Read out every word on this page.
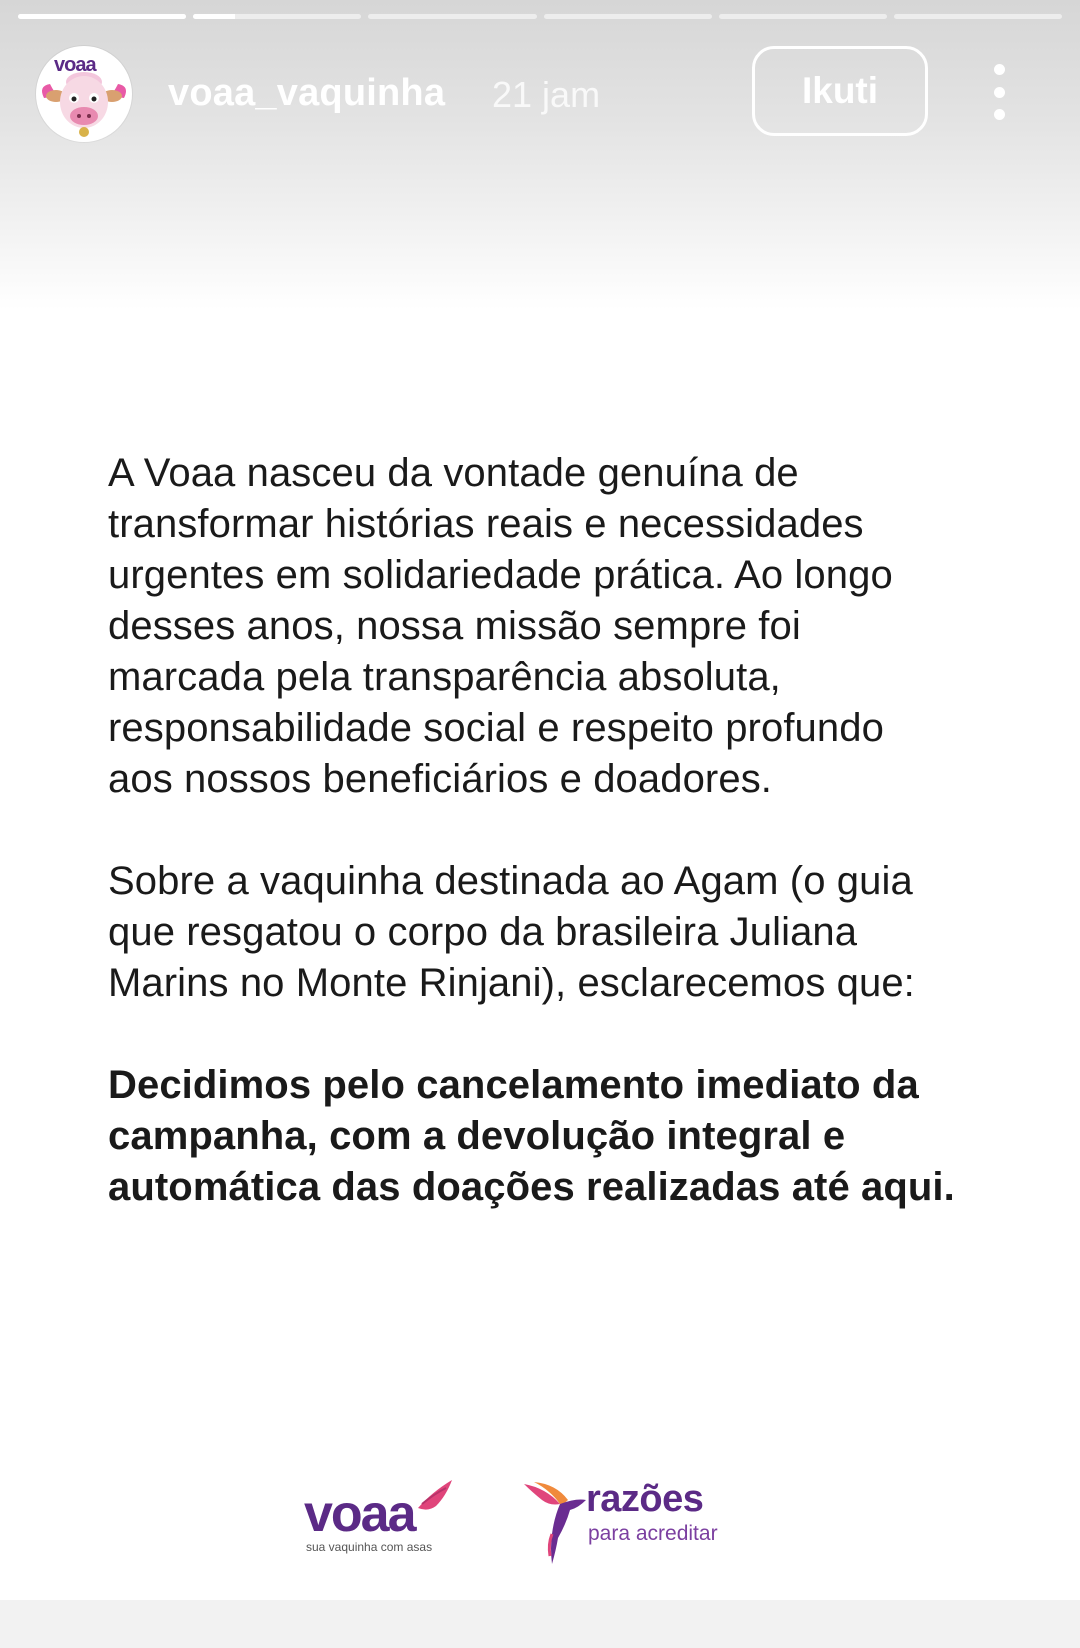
voaa
voaa_vaquinha 21 jam	Ikuti

A Voaa nasceu da vontade genuína de transformar histórias reais e necessidades urgentes em solidariedade prática. Ao longo desses anos, nossa missão sempre foi marcada pela transparência absoluta, responsabilidade social e respeito profundo aos nossos beneficiários e doadores.

Sobre a vaquinha destinada ao Agam (o guia que resgatou o corpo da brasileira Juliana Marins no Monte Rinjani), esclarecemos que:

Decidimos pelo cancelamento imediato da campanha, com a devolução integral e automática das doações realizadas até aqui.

voaa
sua vaquinha com asas
razões
para acreditar
